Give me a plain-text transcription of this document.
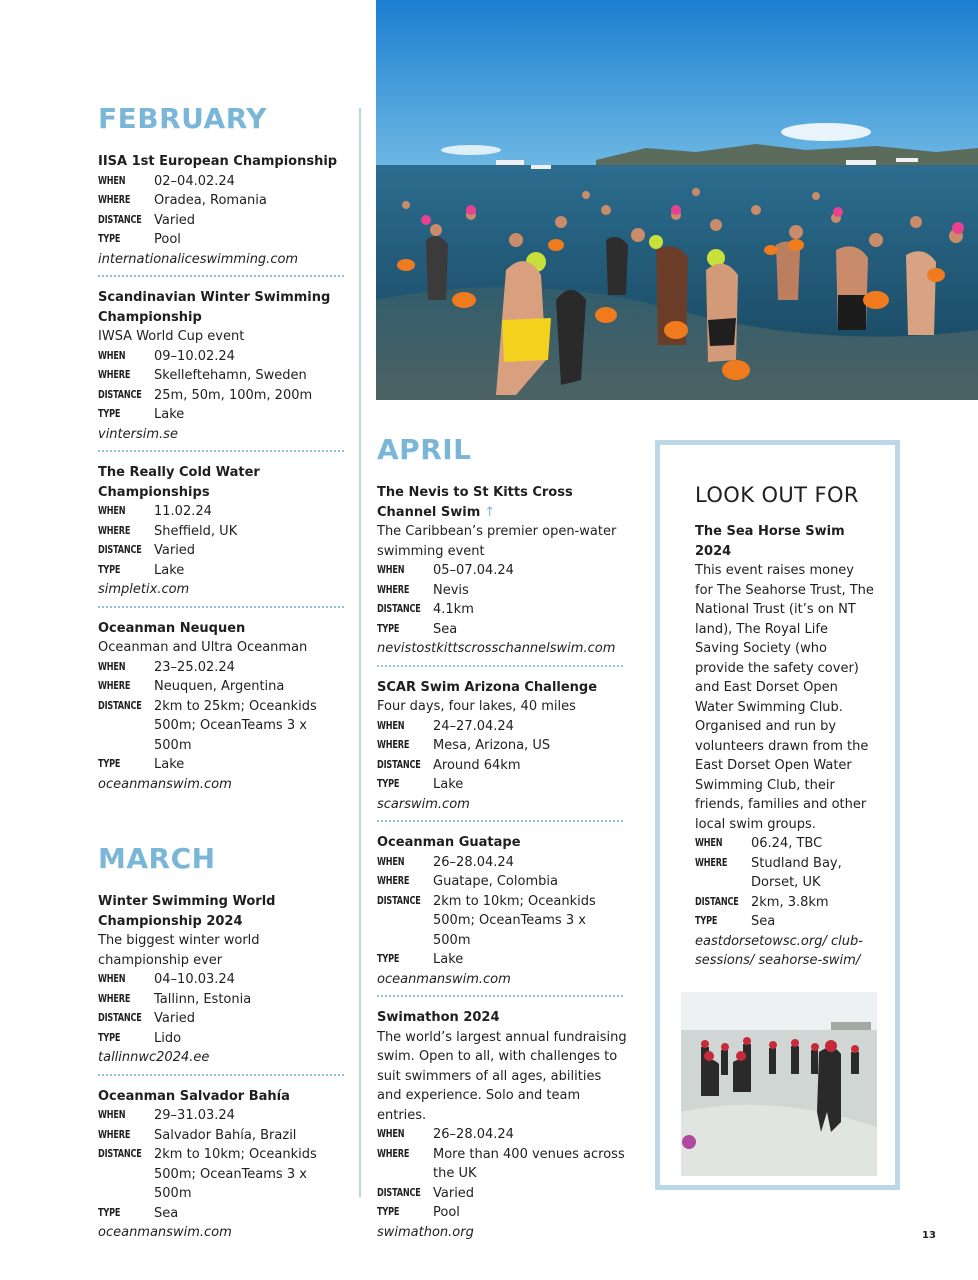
FEBRUARY
IISA 1st European Championship
WHEN	02–04.02.24
WHERE	Oradea, Romania
DISTANCE Varied
TYPE	Pool
internationaliceswimming.com
Scandinavian Winter Swimming Championship
IWSA World Cup event
WHEN	09–10.02.24
WHERE	Skelleftehamn, Sweden
DISTANCE 25m, 50m, 100m, 200m
TYPE	Lake
vintersim.se
The Really Cold Water Championships
WHEN	11.02.24
WHERE	Sheffield, UK
DISTANCE Varied
TYPE	Lake
simpletix.com
Oceanman Neuquen
Oceanman and Ultra Oceanman
WHEN	23–25.02.24
WHERE	Neuquen, Argentina
DISTANCE 2km to 25km; Oceankids 500m; OceanTeams 3 x 500m
TYPE	Lake
oceanmanswim.com
MARCH
Winter Swimming World Championship 2024
The biggest winter world championship ever
WHEN	04–10.03.24
WHERE	Tallinn, Estonia
DISTANCE Varied
TYPE	Lido
tallinnwc2024.ee
Oceanman Salvador Bahía
WHEN	29–31.03.24
WHERE	Salvador Bahía, Brazil
DISTANCE 2km to 10km; Oceankids 500m; OceanTeams 3 x 500m
TYPE	Sea
oceanmanswim.com
APRIL
The Nevis to St Kitts Cross Channel Swim ↑
The Caribbean’s premier open-water swimming event
WHEN	05–07.04.24
WHERE	Nevis
DISTANCE 4.1km
TYPE	Sea
nevistostkittscrosschannelswim.com
SCAR Swim Arizona Challenge
Four days, four lakes, 40 miles
WHEN	24–27.04.24
WHERE	Mesa, Arizona, US
DISTANCE Around 64km
TYPE	Lake
scarswim.com
Oceanman Guatape
WHEN	26–28.04.24
WHERE	Guatape, Colombia
DISTANCE 2km to 10km; Oceankids 500m; OceanTeams 3 x 500m
TYPE	Lake
oceanmanswim.com
Swimathon 2024
The world’s largest annual fundraising swim. Open to all, with challenges to suit swimmers of all ages, abilities and experience. Solo and team entries.
WHEN	26–28.04.24
WHERE	More than 400 venues across the UK
DISTANCE Varied
TYPE	Pool
swimathon.org
LOOK OUT FOR
The Sea Horse Swim 2024
This event raises money for The Seahorse Trust, The National Trust (it’s on NT land), The Royal Life Saving Society (who provide the safety cover) and East Dorset Open Water Swimming Club. Organised and run by volunteers drawn from the East Dorset Open Water Swimming Club, their friends, families and other local swim groups.
WHEN	06.24, TBC
WHERE	Studland Bay, Dorset, UK
DISTANCE 2km, 3.8km
TYPE	Sea
eastdorsetowsc.org/ club-sessions/ seahorse-swim/
13
